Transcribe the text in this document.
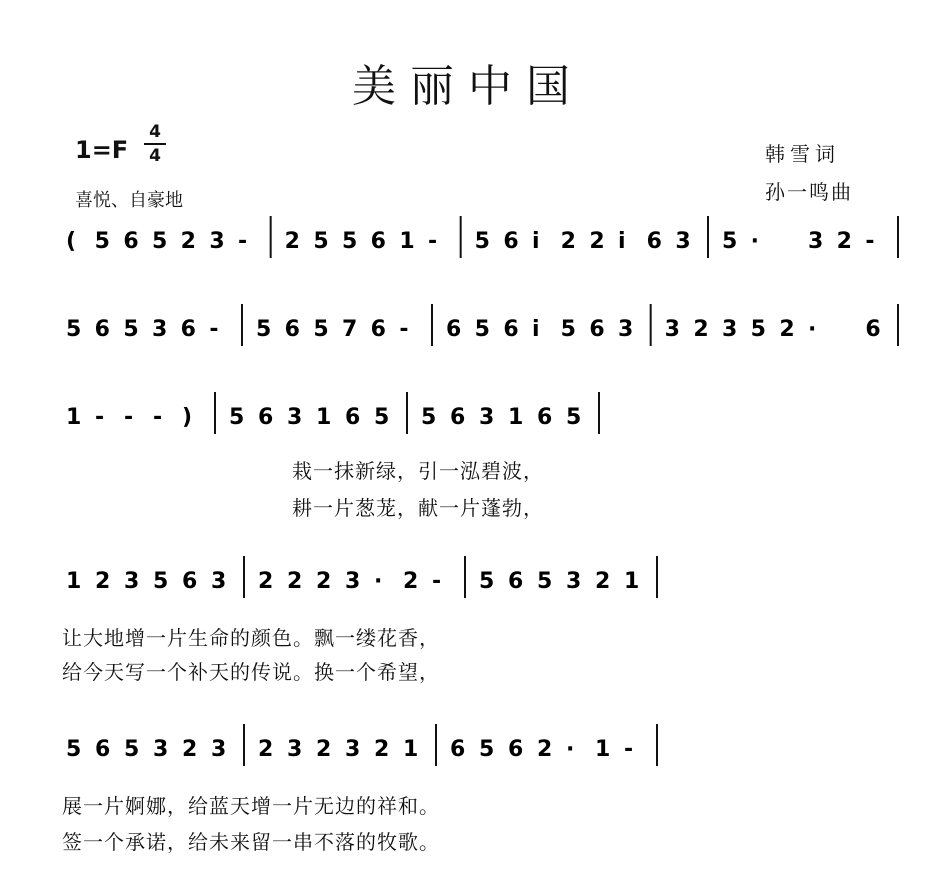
美丽中国
1=F
4
4
喜悦、自豪地
韩雪词
孙一鸣曲
( 5 6 5 2 3 - 2 5 5 6 1 - 5 6 i 2 2 i 6 3 5 · 3 2 -
5 6 5 3 6 - 5 6 5 7 6 - 6 5 6 i 5 6 3 3 2 3 5 2 · 6
1 - - - ) 5 6 3 1 6 5 5 6 3 1 6 5
1 2 3 5 6 3 2 2 2 3 · 2 - 5 6 5 3 2 1
5 6 5 3 2 3 2 3 2 3 2 1 6 5 6 2 · 1 -
栽一抹新绿，引一泓碧波，
耕一片葱茏，献一片蓬勃，
让大地增一片生命的颜色。飘一缕花香，
给今天写一个补天的传说。换一个希望，
展一片婀娜，给蓝天增一片无边的祥和。
签一个承诺，给未来留一串不落的牧歌。
